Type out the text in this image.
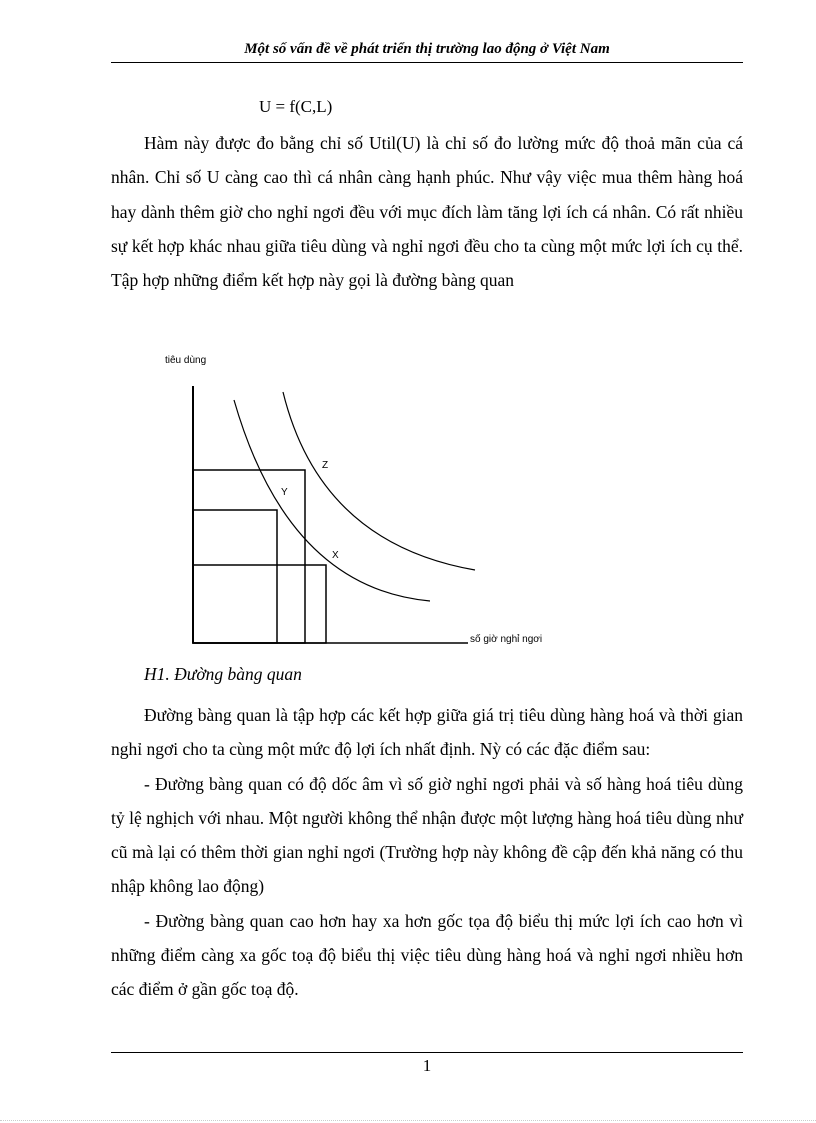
Một số vấn đề về phát triển thị trường lao động ở Việt Nam
U = f(C,L)

Hàm này được đo bằng chỉ số Util(U) là chỉ số đo lường mức độ thoả mãn của cá nhân. Chỉ số U càng cao thì cá nhân càng hạnh phúc. Như vậy việc mua thêm hàng hoá hay dành thêm giờ cho nghỉ ngơi đều với mục đích làm tăng lợi ích cá nhân. Có rất nhiều sự kết hợp khác nhau giữa tiêu dùng và nghỉ ngơi đều cho ta cùng một mức lợi ích cụ thể. Tập hợp những điểm kết hợp này gọi là đường bàng quan

tiêu dùng
số giờ nghỉ ngơi
Z
Y
X
H1. Đường bàng quan

Đường bàng quan là tập hợp các kết hợp giữa giá trị tiêu dùng hàng hoá và thời gian nghỉ ngơi cho ta cùng một mức độ lợi ích nhất định. Nỳ có các đặc điểm sau:

- Đường bàng quan có độ dốc âm vì số giờ nghỉ ngơi phải và số hàng hoá tiêu dùng tỷ lệ nghịch với nhau. Một người không thể nhận được một lượng hàng hoá tiêu dùng như cũ mà lại có thêm thời gian nghỉ ngơi (Trường hợp này không đề cập đến khả năng có thu nhập không lao động)

- Đường bàng quan cao hơn hay xa hơn gốc tọa độ biểu thị mức lợi ích cao hơn vì những điểm càng xa gốc toạ độ biểu thị việc tiêu dùng hàng hoá và nghỉ ngơi nhiều hơn các điểm ở gần gốc toạ độ.

1
